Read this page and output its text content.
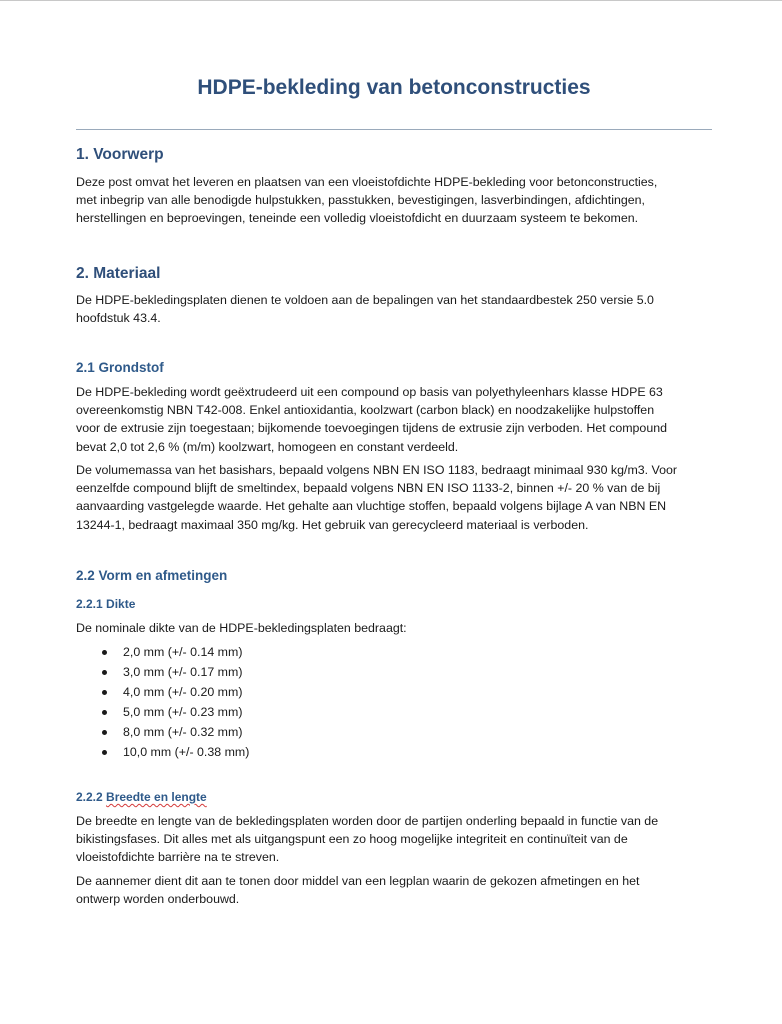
HDPE-bekleding van betonconstructies
1. Voorwerp
Deze post omvat het leveren en plaatsen van een vloeistofdichte HDPE-bekleding voor betonconstructies,
met inbegrip van alle benodigde hulpstukken, passtukken, bevestigingen, lasverbindingen, afdichtingen,
herstellingen en beproevingen, teneinde een volledig vloeistofdicht en duurzaam systeem te bekomen.
2. Materiaal
De HDPE-bekledingsplaten dienen te voldoen aan de bepalingen van het standaardbestek 250 versie 5.0
hoofdstuk 43.4.
2.1 Grondstof
De HDPE-bekleding wordt geëxtrudeerd uit een compound op basis van polyethyleenhars klasse HDPE 63
overeenkomstig NBN T42-008. Enkel antioxidantia, koolzwart (carbon black) en noodzakelijke hulpstoffen
voor de extrusie zijn toegestaan; bijkomende toevoegingen tijdens de extrusie zijn verboden. Het compound
bevat 2,0 tot 2,6 % (m/m) koolzwart, homogeen en constant verdeeld.
De volumemassa van het basishars, bepaald volgens NBN EN ISO 1183, bedraagt minimaal 930 kg/m3. Voor
eenzelfde compound blijft de smeltindex, bepaald volgens NBN EN ISO 1133-2, binnen +/- 20 % van de bij
aanvaarding vastgelegde waarde. Het gehalte aan vluchtige stoffen, bepaald volgens bijlage A van NBN EN
13244-1, bedraagt maximaal 350 mg/kg. Het gebruik van gerecycleerd materiaal is verboden.
2.2 Vorm en afmetingen
2.2.1 Dikte
De nominale dikte van de HDPE-bekledingsplaten bedraagt:
2,0 mm (+/- 0.14 mm)
3,0 mm (+/- 0.17 mm)
4,0 mm (+/- 0.20 mm)
5,0 mm (+/- 0.23 mm)
8,0 mm (+/- 0.32 mm)
10,0 mm (+/- 0.38 mm)
2.2.2 Breedte en lengte
De breedte en lengte van de bekledingsplaten worden door de partijen onderling bepaald in functie van de
bikistingsfases. Dit alles met als uitgangspunt een zo hoog mogelijke integriteit en continuïteit van de
vloeistofdichte barrière na te streven.
De aannemer dient dit aan te tonen door middel van een legplan waarin de gekozen afmetingen en het
ontwerp worden onderbouwd.
